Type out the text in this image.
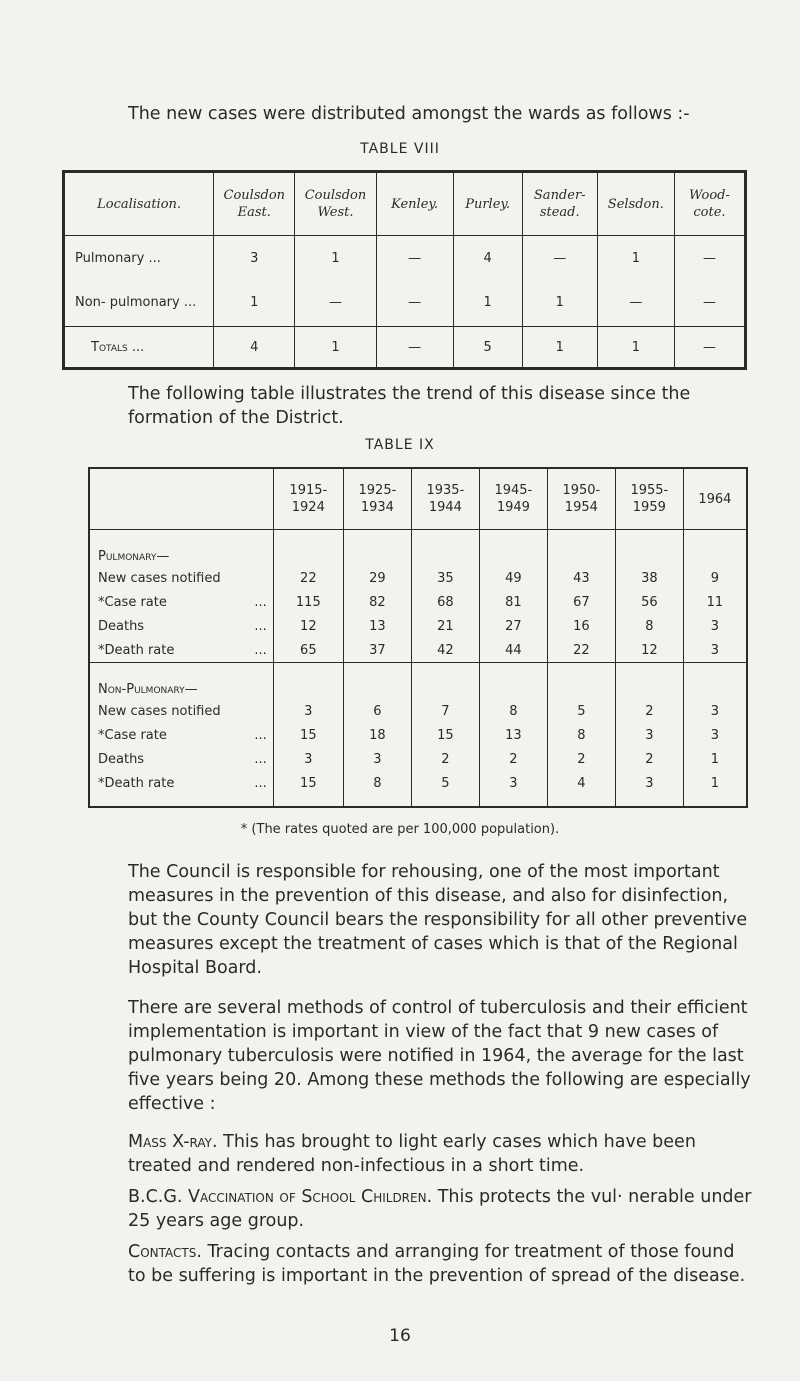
The new cases were distributed amongst the wards as follows :-

TABLE VIII

Localisation.	Coulsdon East.	Coulsdon West.	Kenley.	Purley.	Sander- stead.	Selsdon.	Wood- cote.
Pulmonary ...	3	1	—	4	—	1	—
Non- pulmonary ...	1	—	—	1	1	—	—

Totals ...	4	1	—	5	1	1	—

The following table illustrates the trend of this disease since the formation of the District.

TABLE IX

	1915- 1924	1925- 1934	1935- 1944	1945- 1949	1950- 1954	1955- 1959	1964
Pulmonary—							
New cases notified	22	29	35	49	43	38	9
*Case rate ...	115	82	68	81	67	56	11
Deaths ...	12	13	21	27	16	8	3
*Death rate ...	65	37	42	44	22	12	3
Non-Pulmonary—							
New cases notified	3	6	7	8	5	2	3
*Case rate ...	15	18	15	13	8	3	3
Deaths ...	3	3	2	2	2	2	1
*Death rate ...	15	8	5	3	4	3	1

* (The rates quoted are per 100,000 population).

The Council is responsible for rehousing, one of the most important measures in the prevention of this disease, and also for disinfection, but the County Council bears the responsibility for all other preventive measures except the treatment of cases which is that of the Regional Hospital Board.

There are several methods of control of tuberculosis and their efficient implementation is important in view of the fact that 9 new cases of pulmonary tuberculosis were notified in 1964, the average for the last five years being 20. Among these methods the following are especially effective :

Mass X-ray. This has brought to light early cases which have been treated and rendered non-infectious in a short time.

B.C.G. Vaccination of School Children. This protects the vul· nerable under 25 years age group.

Contacts. Tracing contacts and arranging for treatment of those found to be suffering is important in the prevention of spread of the disease.

16
